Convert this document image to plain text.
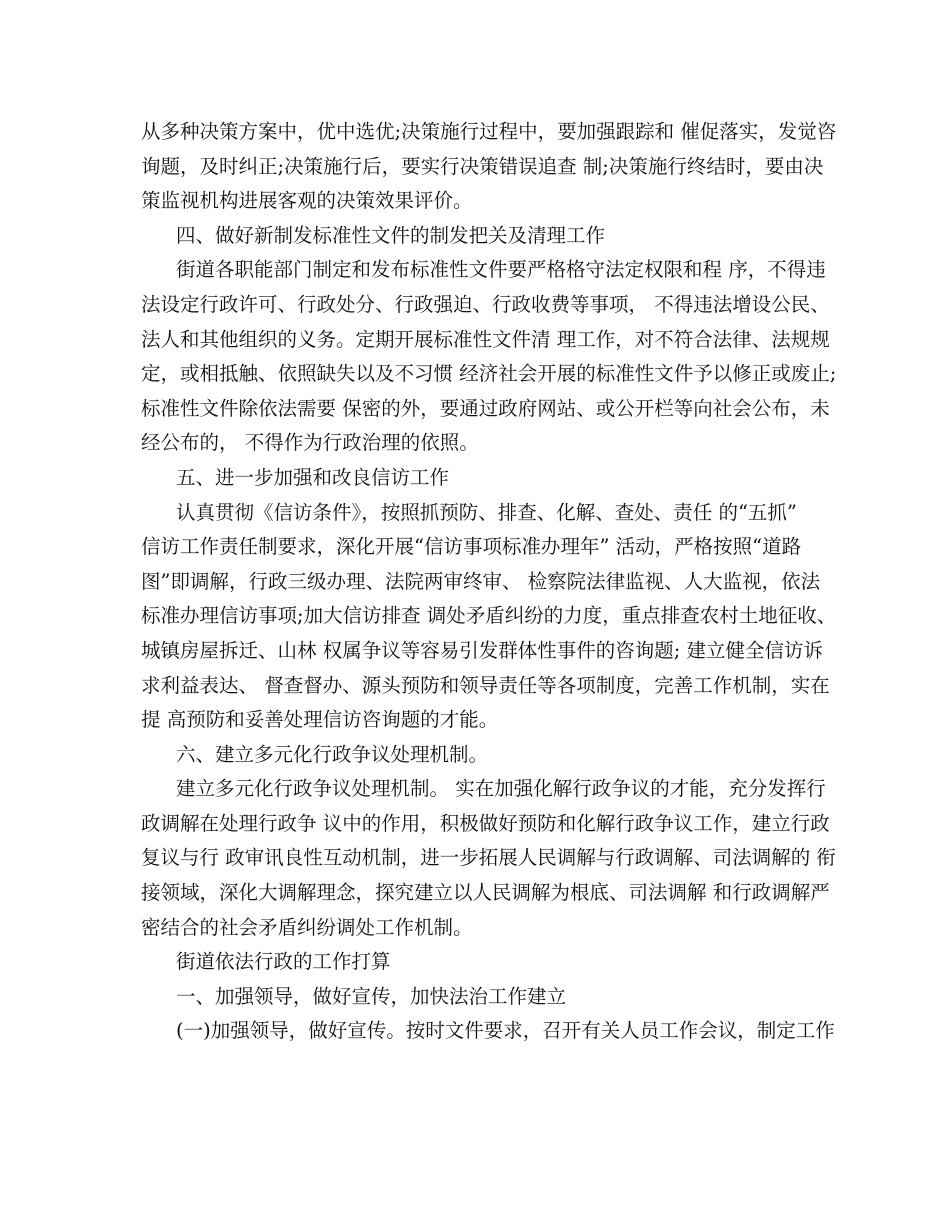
从多种决策方案中，优中选优;决策施行过程中，要加强跟踪和 催促落实，发觉咨
询题，及时纠正;决策施行后，要实行决策错误追查 制;决策施行终结时，要由决
策监视机构进展客观的决策效果评价。
四、做好新制发标准性文件的制发把关及清理工作
街道各职能部门制定和发布标准性文件要严格格守法定权限和程 序，不得违
法设定行政许可、行政处分、行政强迫、行政收费等事项， 不得违法增设公民、
法人和其他组织的义务。定期开展标准性文件清 理工作，对不符合法律、法规规
定，或相抵触、依照缺失以及不习惯 经济社会开展的标准性文件予以修正或废止;
标准性文件除依法需要 保密的外，要通过政府网站、或公开栏等向社会公布，未
经公布的， 不得作为行政治理的依照。
五、进一步加强和改良信访工作
认真贯彻《信访条件》，按照抓预防、排查、化解、查处、责任 的“五抓”
信访工作责任制要求，深化开展“信访事项标准办理年” 活动，严格按照“道路
图”即调解，行政三级办理、法院两审终审、 检察院法律监视、人大监视，依法
标准办理信访事项;加大信访排查 调处矛盾纠纷的力度，重点排查农村土地征收、
城镇房屋拆迁、山林 权属争议等容易引发群体性事件的咨询题; 建立健全信访诉
求利益表达、 督查督办、源头预防和领导责任等各项制度，完善工作机制，实在
提 高预防和妥善处理信访咨询题的才能。
六、建立多元化行政争议处理机制。
建立多元化行政争议处理机制。 实在加强化解行政争议的才能，充分发挥行
政调解在处理行政争 议中的作用，积极做好预防和化解行政争议工作，建立行政
复议与行 政审讯良性互动机制，进一步拓展人民调解与行政调解、司法调解的 衔
接领域，深化大调解理念，探究建立以人民调解为根底、司法调解 和行政调解严
密结合的社会矛盾纠纷调处工作机制。
街道依法行政的工作打算
一、加强领导，做好宣传，加快法治工作建立
(一)加强领导，做好宣传。按时文件要求，召开有关人员工作会议，制定工作
